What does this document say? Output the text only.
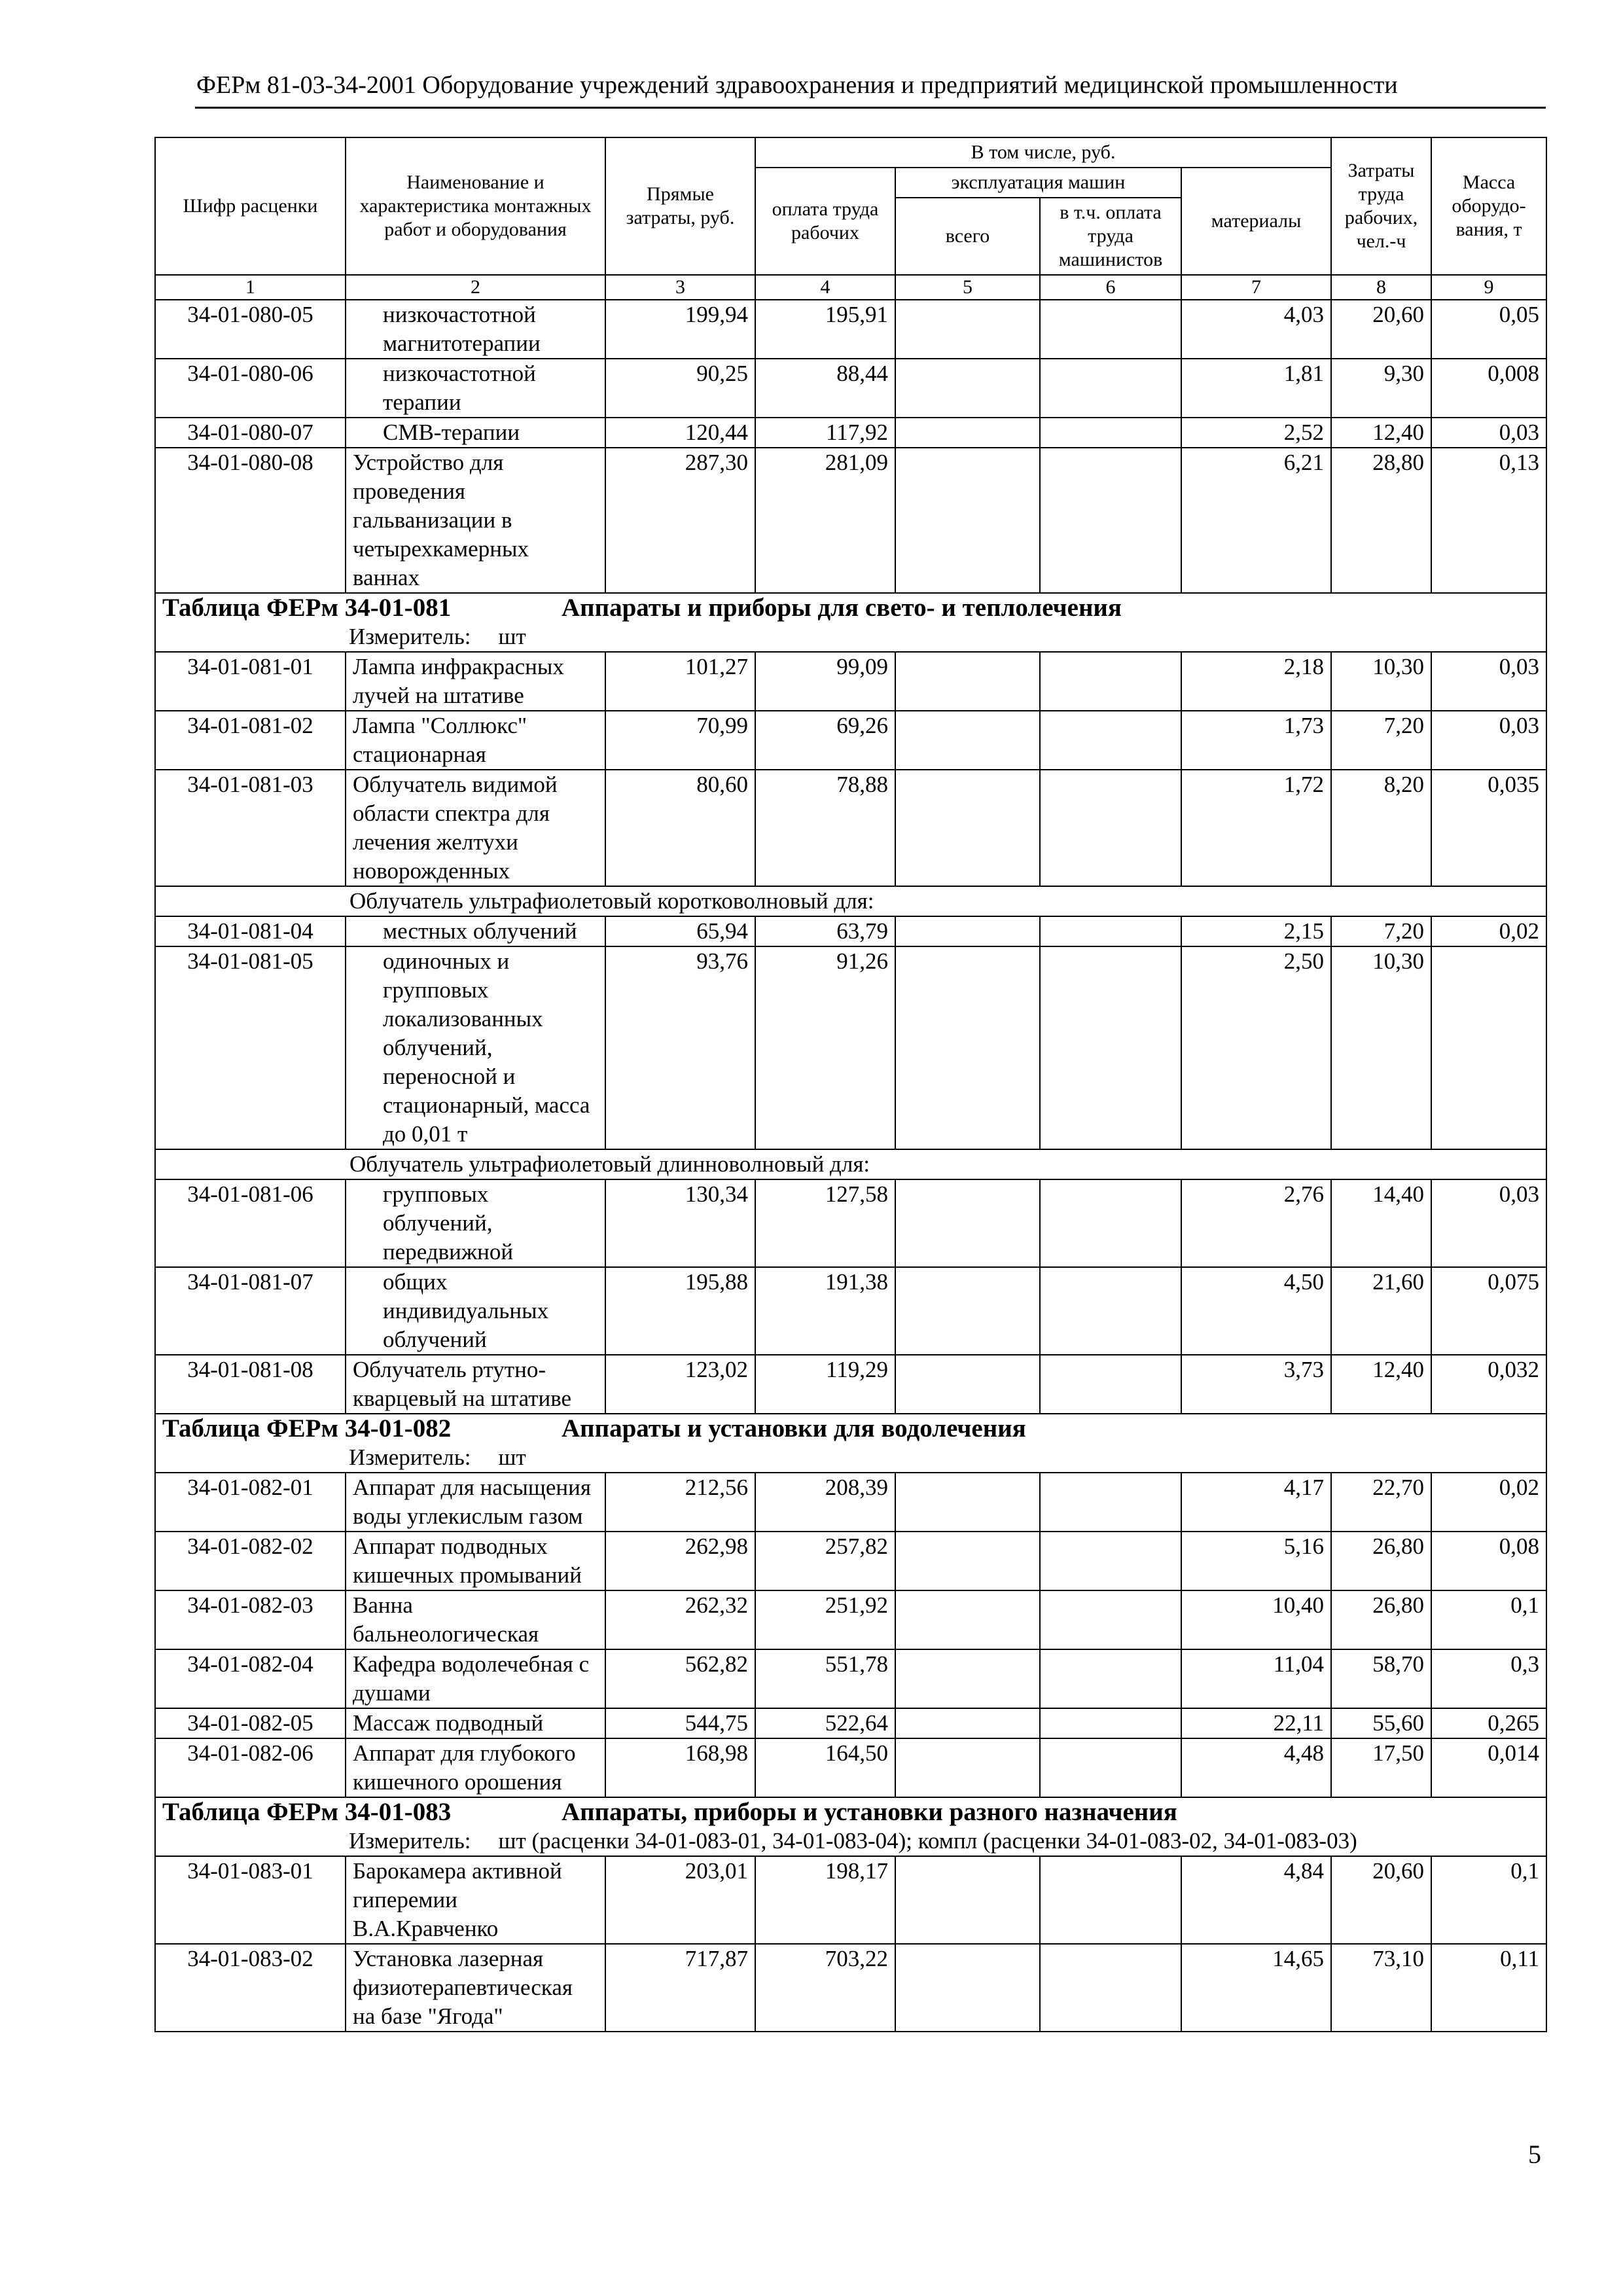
ФЕРм 81-03-34-2001 Оборудование учреждений здравоохранения и предприятий медицинской промышленности
Шифр расценки	Наименование и характеристика монтажных работ и оборудования	Прямые затраты, руб.	В том числе, руб.				Затраты труда рабочих, чел.-ч	Масса оборудо-вания, т
			оплата труда рабочих	эксплуатация машин		материалы		
				всего	в т.ч. оплата труда машинистов			
1	2	3	4	5	6	7	8	9
34-01-080-05	низкочастотной магнитотерапии	199,94	195,91			4,03	20,60	0,05
34-01-080-06	низкочастотной терапии	90,25	88,44			1,81	9,30	0,008
34-01-080-07	СМВ-терапии	120,44	117,92			2,52	12,40	0,03
34-01-080-08	Устройство для проведения гальванизации в четырехкамерных ваннах	287,30	281,09			6,21	28,80	0,13

Таблица ФЕРм 34-01-081 Аппараты и приборы для свето- и теплолечения								

Измеритель: шт								

34-01-081-01	Лампа инфракрасных лучей на штативе	101,27	99,09			2,18	10,30	0,03
34-01-081-02	Лампа "Соллюкс" стационарная	70,99	69,26			1,73	7,20	0,03
34-01-081-03	Облучатель видимой области спектра для лечения желтухи новорожденных	80,60	78,88			1,72	8,20	0,035
Облучатель ультрафиолетовый коротковолновый для:								
34-01-081-04	местных облучений	65,94	63,79			2,15	7,20	0,02
34-01-081-05	одиночных и групповых локализованных облучений, переносной и стационарный, масса до 0,01 т	93,76	91,26			2,50	10,30	
Облучатель ультрафиолетовый длинноволновый для:								
34-01-081-06	групповых облучений, передвижной	130,34	127,58			2,76	14,40	0,03
34-01-081-07	общих индивидуальных облучений	195,88	191,38			4,50	21,60	0,075
34-01-081-08	Облучатель ртутно-кварцевый на штативе	123,02	119,29			3,73	12,40	0,032

Таблица ФЕРм 34-01-082 Аппараты и установки для водолечения								

Измеритель: шт								

34-01-082-01	Аппарат для насыщения воды углекислым газом	212,56	208,39			4,17	22,70	0,02
34-01-082-02	Аппарат подводных кишечных промываний	262,98	257,82			5,16	26,80	0,08
34-01-082-03	Ванна бальнеологическая	262,32	251,92			10,40	26,80	0,1
34-01-082-04	Кафедра водолечебная с душами	562,82	551,78			11,04	58,70	0,3
34-01-082-05	Массаж подводный	544,75	522,64			22,11	55,60	0,265
34-01-082-06	Аппарат для глубокого кишечного орошения	168,98	164,50			4,48	17,50	0,014

Таблица ФЕРм 34-01-083 Аппараты, приборы и установки разного назначения								

Измеритель: шт (расценки 34-01-083-01, 34-01-083-04); компл (расценки 34-01-083-02, 34-01-083-03)								

34-01-083-01	Барокамера активной гиперемии В.А.Кравченко	203,01	198,17			4,84	20,60	0,1
34-01-083-02	Установка лазерная физиотерапевтическая на базе "Ягода"	717,87	703,22			14,65	73,10	0,11
5
